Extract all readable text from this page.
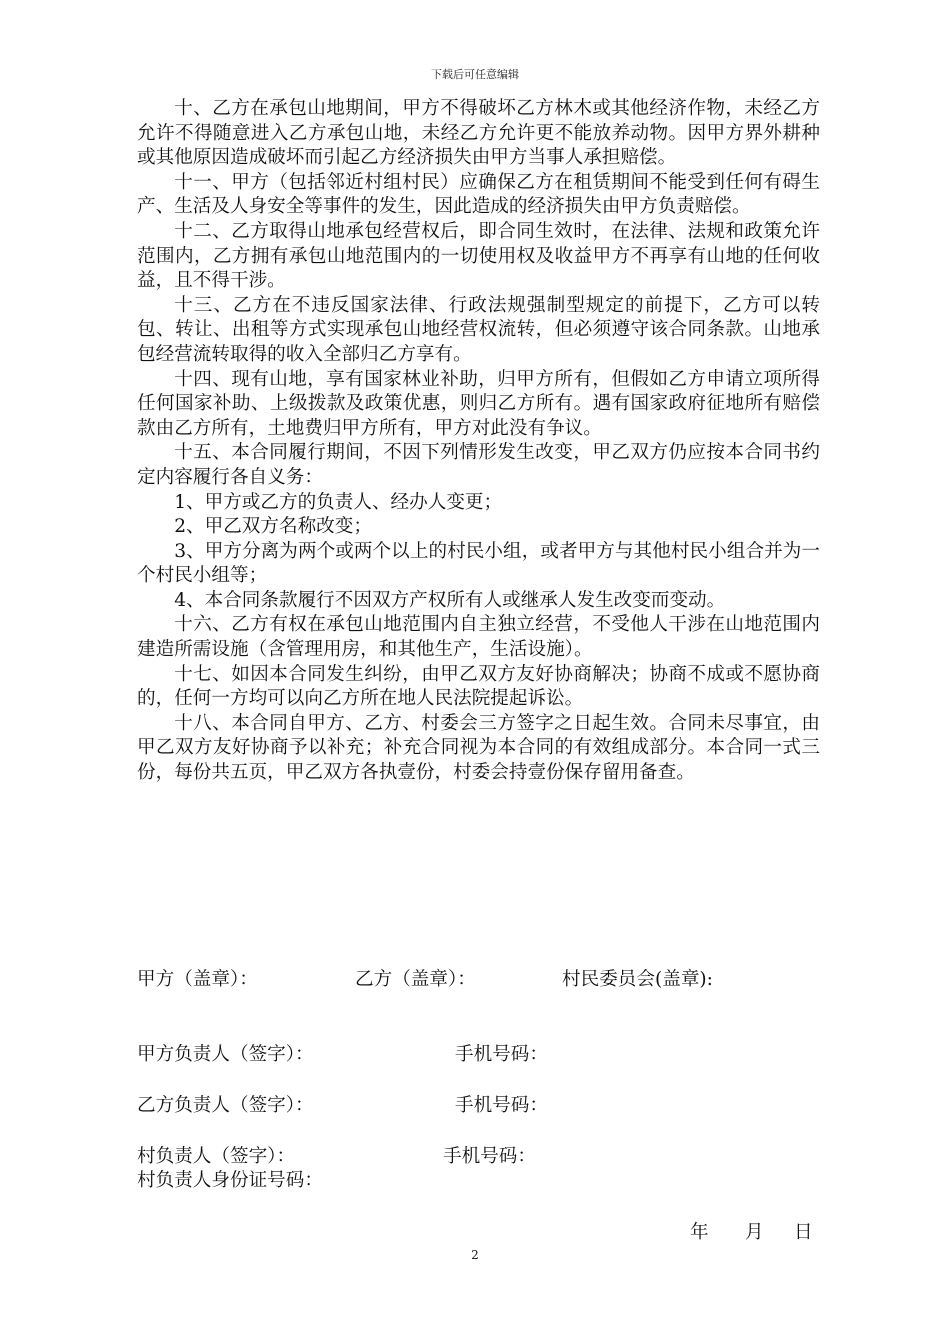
下载后可任意编辑

十、乙方在承包山地期间，甲方不得破坏乙方林木或其他经济作物，未经乙方允许不得随意进入乙方承包山地，未经乙方允许更不能放养动物。因甲方界外耕种或其他原因造成破坏而引起乙方经济损失由甲方当事人承担赔偿。

十一、甲方（包括邻近村组村民）应确保乙方在租赁期间不能受到任何有碍生产、生活及人身安全等事件的发生，因此造成的经济损失由甲方负责赔偿。

十二、乙方取得山地承包经营权后，即合同生效时，在法律、法规和政策允许范围内，乙方拥有承包山地范围内的一切使用权及收益甲方不再享有山地的任何收益，且不得干涉。

十三、乙方在不违反国家法律、行政法规强制型规定的前提下，乙方可以转包、转让、出租等方式实现承包山地经营权流转，但必须遵守该合同条款。山地承包经营流转取得的收入全部归乙方享有。

十四、现有山地，享有国家林业补助，归甲方所有，但假如乙方申请立项所得任何国家补助、上级拨款及政策优惠，则归乙方所有。遇有国家政府征地所有赔偿款由乙方所有，土地费归甲方所有，甲方对此没有争议。

十五、本合同履行期间，不因下列情形发生改变，甲乙双方仍应按本合同书约定内容履行各自义务：

1、甲方或乙方的负责人、经办人变更；

2、甲乙双方名称改变；

3、甲方分离为两个或两个以上的村民小组，或者甲方与其他村民小组合并为一个村民小组等；

4、本合同条款履行不因双方产权所有人或继承人发生改变而变动。

十六、乙方有权在承包山地范围内自主独立经营，不受他人干涉在山地范围内建造所需设施（含管理用房，和其他生产，生活设施）。

十七、如因本合同发生纠纷，由甲乙双方友好协商解决；协商不成或不愿协商的，任何一方均可以向乙方所在地人民法院提起诉讼。

十八、本合同自甲方、乙方、村委会三方签字之日起生效。合同未尽事宜，由甲乙双方友好协商予以补充；补充合同视为本合同的有效组成部分。本合同一式三份，每份共五页，甲乙双方各执壹份，村委会持壹份保存留用备查。

甲方（盖章）：	乙方（盖章）：	村民委员会(盖章):
甲方负责人（签字）：	手机号码：
乙方负责人（签字）：	手机号码：
村负责人（签字）：	手机号码：
村负责人身份证号码：
年 月 日
2
